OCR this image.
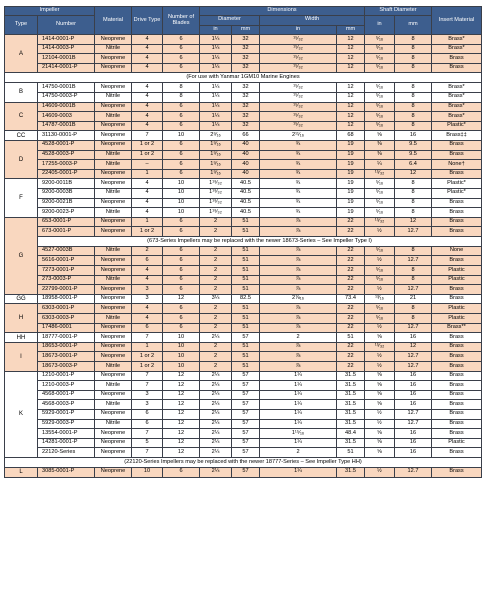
Impeller		Material	Drive Type	Number of Blades	Dimensions				Shaft Diameter		Insert Material
Type	Number				Diameter		Width		in	mm	
					in	mm	in	mm			
A	1414-0001-P	Neoprene	4	6	1¼	32	¹⁵⁄₃₂	12	⁵⁄₁₆	8	Brass*
	1414-0003-P	Nitrile	4	6	1¼	32	¹⁵⁄₃₂	12	⁵⁄₁₆	8	Brass*
	12104-0001B	Neoprene	4	6	1¼	32	¹⁵⁄₃₂	12	⁵⁄₁₆	8	Brass
	21414-0001-P	Neoprene	4	6	1¼	32	¹⁵⁄₃₂	12	⁵⁄₁₆	8	Brass
(For use with Yanmar 1GM10 Marine Engines											
B	14750-0001B	Neoprene	4	8	1¼	32	¹⁵⁄₃₂	12	⁵⁄₁₆	8	Brass*
	14750-0003-P	Nitrile	4	8	1¼	32	¹⁵⁄₃₂	12	⁵⁄₁₆	8	Brass*
C	14609-0001B	Neoprene	4	6	1¼	32	¹⁵⁄₃₂	12	⁵⁄₁₆	8	Brass*
	14609-0003	Nitrile	4	6	1¼	32	¹⁵⁄₃₂	12	⁵⁄₁₆	8	Brass*
	14787-0001B	Neoprene	4	6	1¼	32	¹⁵⁄₃₂	12	⁵⁄₁₆	8	Plastic*
CC	31130-0001-P	Neoprene	7	10	2⁹⁄₁₆	66	2¹¹⁄₁₆	68	⅝	16	Brass‡‡
D	4528-0001-P	Neoprene	1 or 2	6	1⁹⁄₁₆	40	¾	19	⅜	9.5	Brass
	4528-0003-P	Nitrile	1 or 2	6	1⁹⁄₁₆	40	¾	19	⅜	9.5	Brass
	17255-0003-P	Nitrile	–	6	1⁹⁄₁₆	40	¾	19	¼	6.4	None†
	22405-0001-P	Neoprene	1	6	1⁹⁄₁₆	40	¾	19	¹⁵⁄₃₂	12	Brass
F	9200-0011B	Neoprene	4	10	1¹⁹⁄₃₂	40.5	¾	19	⁵⁄₁₆	8	Plastic*
	9200-0003B	Nitrile	4	10	1¹⁹⁄₃₂	40.5	¾	19	⁵⁄₁₆	8	Plastic*
	9200-0021B	Neoprene	4	10	1¹⁹⁄₃₂	40.5	¾	19	⁵⁄₁₆	8	Brass
	9200-0023-P	Nitrile	4	10	1¹⁹⁄₃₂	40.5	¾	19	⁵⁄₁₆	8	Brass
G	653-0001-P	Neoprene	1	6	2	51	⅞	22	¹⁵⁄₃₂	12	Brass
	673-0001-P	Neoprene	1 or 2	6	2	51	⅞	22	½	12.7	Brass
	(673-Series Impellers may be replaced with the newer 18673-Series – See Impeller Type I)										
	4527-0003B	Nitrile	2	6	2	51	⅞	22	⁵⁄₁₆	8	None
	5616-0001-P	Neoprene	6	6	2	51	⅞	22	½	12.7	Brass
	7273-0001-P	Neoprene	4	6	2	51	⅞	22	⁵⁄₁₆	8	Plastic
	273-0003-P	Nitrile	4	6	2	51	⅞	22	⁵⁄₁₆	8	Plastic
	22799-0001-P	Neoprene	3	6	2	51	⅞	22	½	12.7	Brass
GG	18958-0001-P	Neoprene	3	12	3¼	82.5	2⅞₁₆	73.4	¹³⁄₁₆	21	Brass
H	6303-0001-P	Neoprene	4	6	2	51	⅞	22	⁵⁄₁₆	8	Plastic
	6303-0003-P	Nitrile	4	6	2	51	⅞	22	⁵⁄₁₆	8	Plastic
	17486-0001	Neoprene	6	6	2	51	⅞	22	½	12.7	Brass**
HH	18777-0001-P	Neoprene	7	10	2¼	57	2	51	⅝	16	Brass
I	18653-0001-P	Neoprene	1	10	2	51	⅞	22	¹⁵⁄₃₂	12	Brass
	18673-0001-P	Neoprene	1 or 2	10	2	51	⅞	22	½	12.7	Brass
	18673-0003-P	Nitrile	1 or 2	10	2	51	⅞	22	½	12.7	Brass
K	1210-0001-P	Neoprene	7	12	2¼	57	1¼	31.5	⅝	16	Brass
	1210-0003-P	Nitrile	7	12	2¼	57	1¼	31.5	⅝	16	Brass
	4568-0001-P	Neoprene	3	12	2¼	57	1¼	31.5	⅝	16	Brass
	4568-0003-P	Nitrile	3	12	2¼	57	1¼	31.5	⅝	16	Brass
	5929-0001-P	Neoprene	6	12	2¼	57	1¼	31.5	½	12.7	Brass
	5929-0003-P	Nitrile	6	12	2¼	57	1¼	31.5	½	12.7	Brass
	13554-0001-P	Neoprene	7	12	2¼	57	1¹⁵⁄₁₆	48.4	⅝	16	Brass
	14281-0001-P	Neoprene	5	12	2¼	57	1¼	31.5	⅝	16	Plastic
	22120-Series	Neoprene	7	12	2¼	57	2	51	⅝	16	Brass
(22120-Series Impellers may be replaced with the newer 18777-Series – See Impeller Type HH)											
L	3085-0001-P	Neoprene	10	6	2¼	57	1¼	31.5	½	12.7	Brass
